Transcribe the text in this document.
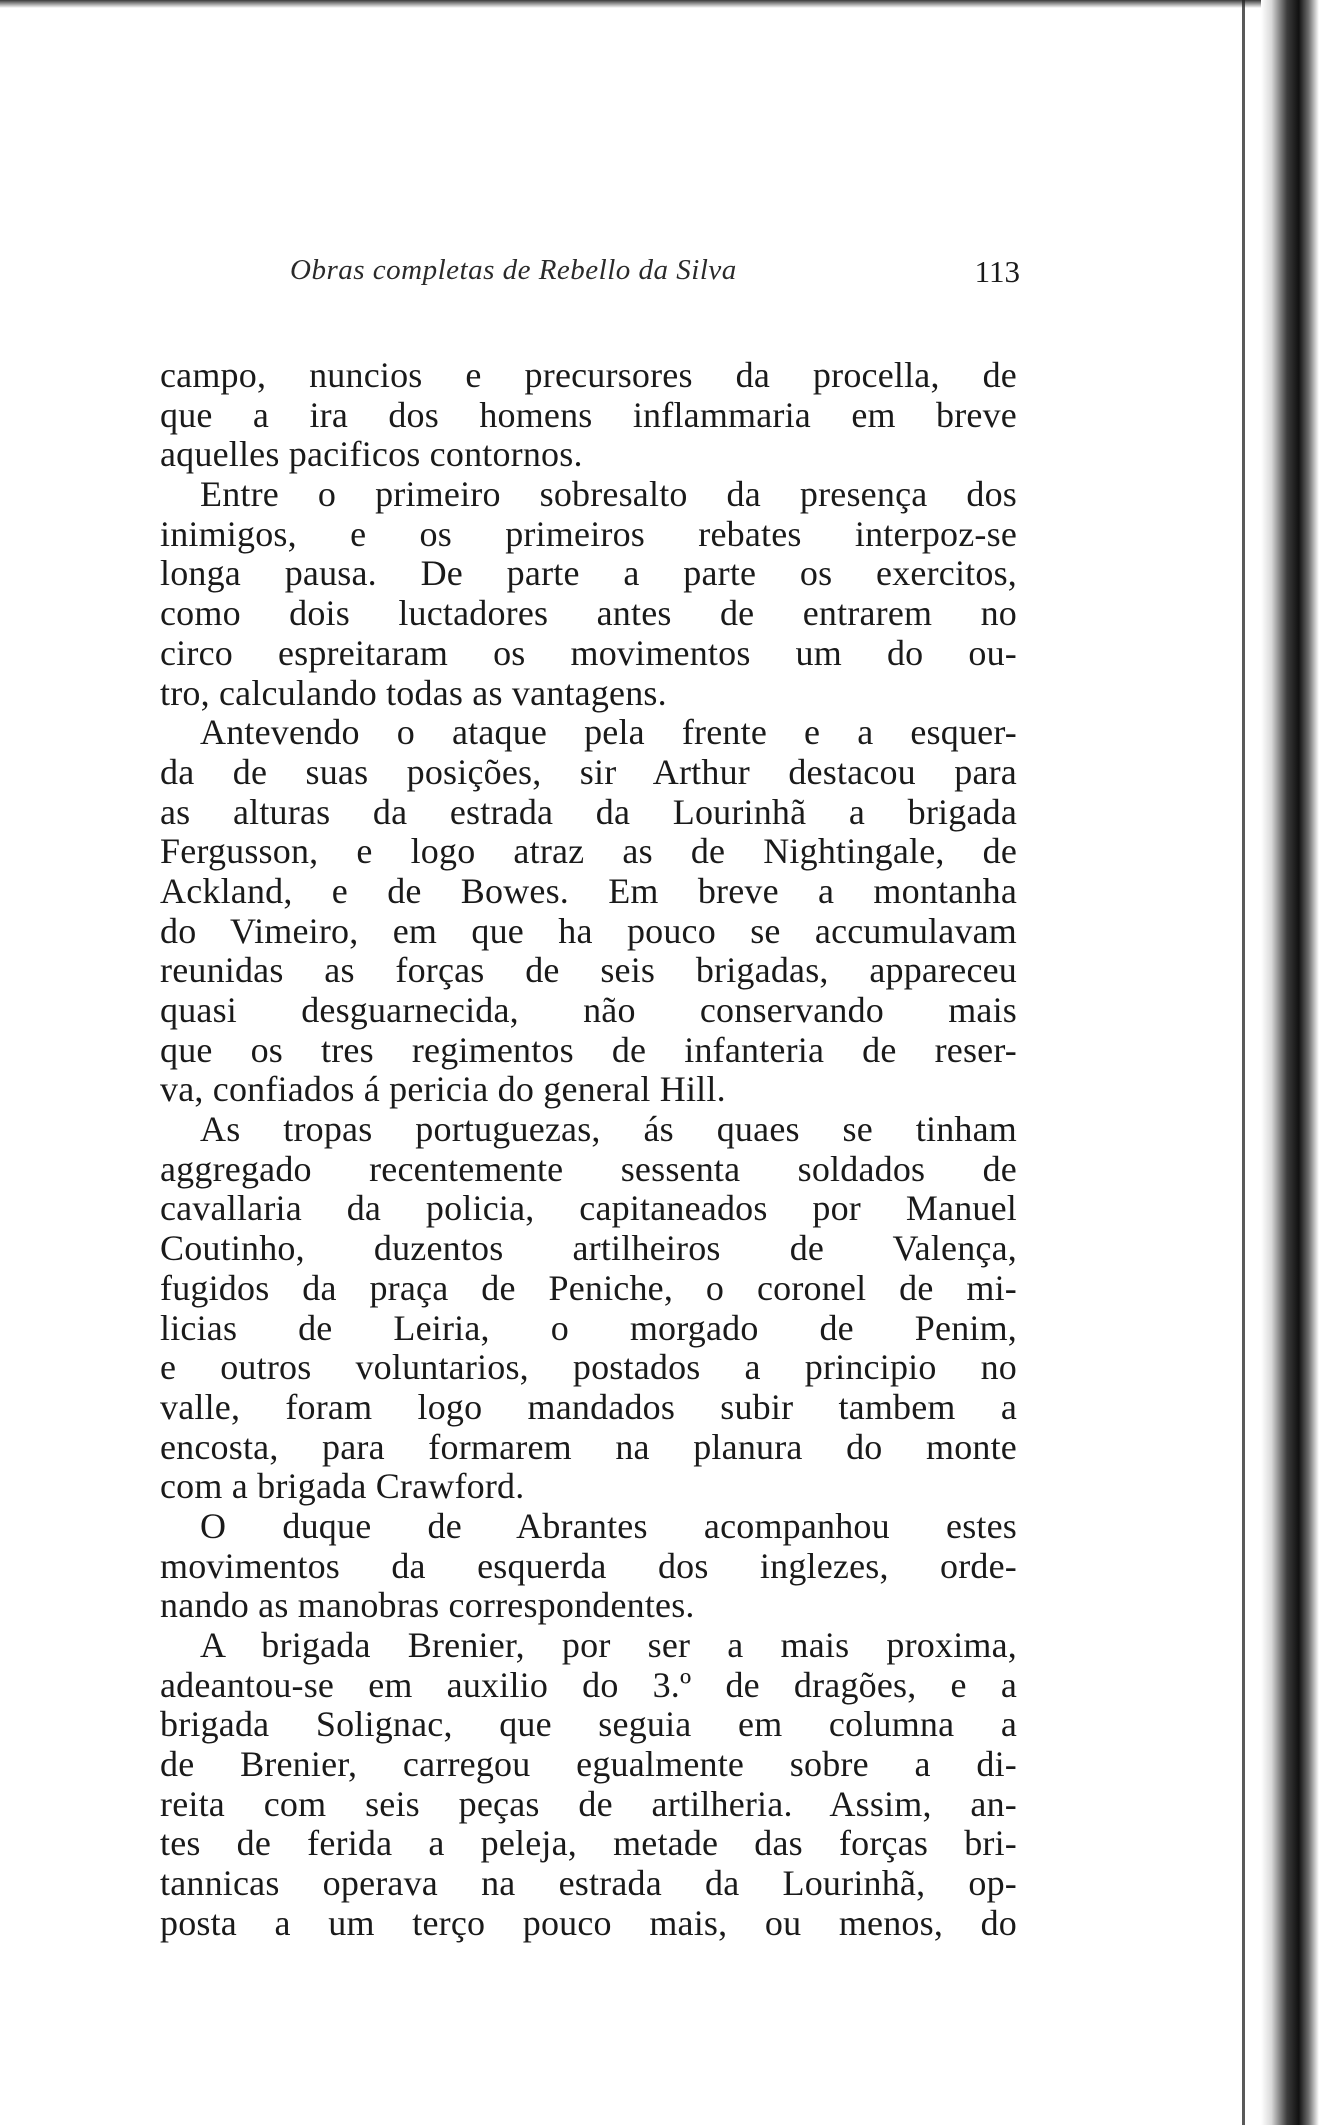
Obras completas de Rebello da Silva	113
campo, nuncios e precursores da procella, de
que a ira dos homens inflammaria em breve
aquelles pacificos contornos.
Entre o primeiro sobresalto da presença dos
inimigos, e os primeiros rebates interpoz-se
longa pausa. De parte a parte os exercitos,
como dois luctadores antes de entrarem no
circo espreitaram os movimentos um do ou-
tro, calculando todas as vantagens.
Antevendo o ataque pela frente e a esquer-
da de suas posições, sir Arthur destacou para
as alturas da estrada da Lourinhã a brigada
Fergusson, e logo atraz as de Nightingale, de
Ackland, e de Bowes. Em breve a montanha
do Vimeiro, em que ha pouco se accumulavam
reunidas as forças de seis brigadas, appareceu
quasi desguarnecida, não conservando mais
que os tres regimentos de infanteria de reser-
va, confiados á pericia do general Hill.
As tropas portuguezas, ás quaes se tinham
aggregado recentemente sessenta soldados de
cavallaria da policia, capitaneados por Manuel
Coutinho, duzentos artilheiros de Valença,
fugidos da praça de Peniche, o coronel de mi-
licias de Leiria, o morgado de Penim,
e outros voluntarios, postados a principio no
valle, foram logo mandados subir tambem a
encosta, para formarem na planura do monte
com a brigada Crawford.
O duque de Abrantes acompanhou estes
movimentos da esquerda dos inglezes, orde-
nando as manobras correspondentes.
A brigada Brenier, por ser a mais proxima,
adeantou-se em auxilio do 3.º de dragões, e a
brigada Solignac, que seguia em columna a
de Brenier, carregou egualmente sobre a di-
reita com seis peças de artilheria. Assim, an-
tes de ferida a peleja, metade das forças bri-
tannicas operava na estrada da Lourinhã, op-
posta a um terço pouco mais, ou menos, do
